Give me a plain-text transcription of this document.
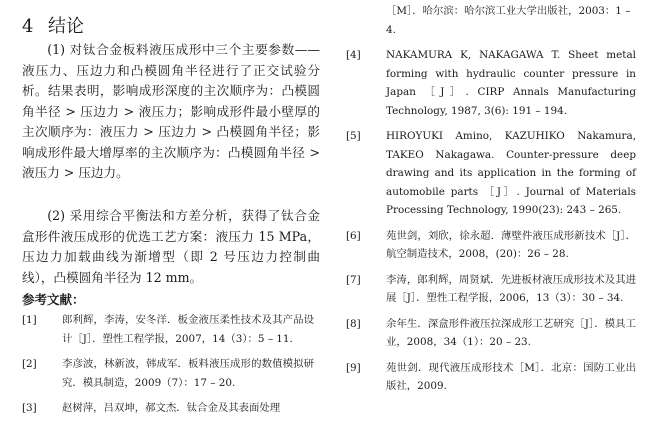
4 结论

(1) 对钛合金板料液压成形中三个主要参数——液压力、压边力和凸模圆角半径进行了正交试验分析。结果表明，影响成形深度的主次顺序为：凸模圆角半径 > 压边力 > 液压力；影响成形件最小壁厚的主次顺序为：液压力 > 压边力 > 凸模圆角半径；影响成形件最大增厚率的主次顺序为：凸模圆角半径 > 液压力 > 压边力。

(2) 采用综合平衡法和方差分析，获得了钛合金盒形件液压成形的优选工艺方案：液压力 15 MPa，压边力加载曲线为渐增型（即 2 号压边力控制曲线），凸模圆角半径为 12 mm。

参考文献：
[1]	郎利辉，李涛，安冬洋．板金液压柔性技术及其产品设计［J］．塑性工程学报，2007，14（3）：5 – 11.
[2]	李彦波，林新波，韩成军．板料液压成形的数值模拟研究．模具制造，2009（7）：17 – 20.
[3]	赵树萍，吕双坤，郝文杰．钛合金及其表面处理
［M］．哈尔滨：哈尔滨工业大学出版社，2003：1 – 4.
[4]	NAKAMURA K, NAKAGAWA T. Sheet metal forming with hydraulic counter pressure in Japan ［J］. CIRP Annals Manufacturing Technology, 1987, 3(6): 191 – 194.
[5]	HIROYUKI Amino, KAZUHIKO Nakamura, TAKEO Nakagawa. Counter-pressure deep drawing and its application in the forming of automobile parts ［J］. Journal of Materials Processing Technology, 1990(23): 243 – 265.
[6]	苑世剑，刘欣，徐永超．薄壁件液压成形新技术［J］．航空制造技术，2008，(20)：26 – 28.
[7]	李涛，郎利辉，周贤斌．先进板材液压成形技术及其进展［J］．塑性工程学报，2006，13（3）：30 – 34.
[8]	余年生．深盒形件液压拉深成形工艺研究［J］．模具工业，2008，34（1）：20 – 23.
[9]	苑世剑．现代液压成形技术［M］．北京：国防工业出版社，2009.
